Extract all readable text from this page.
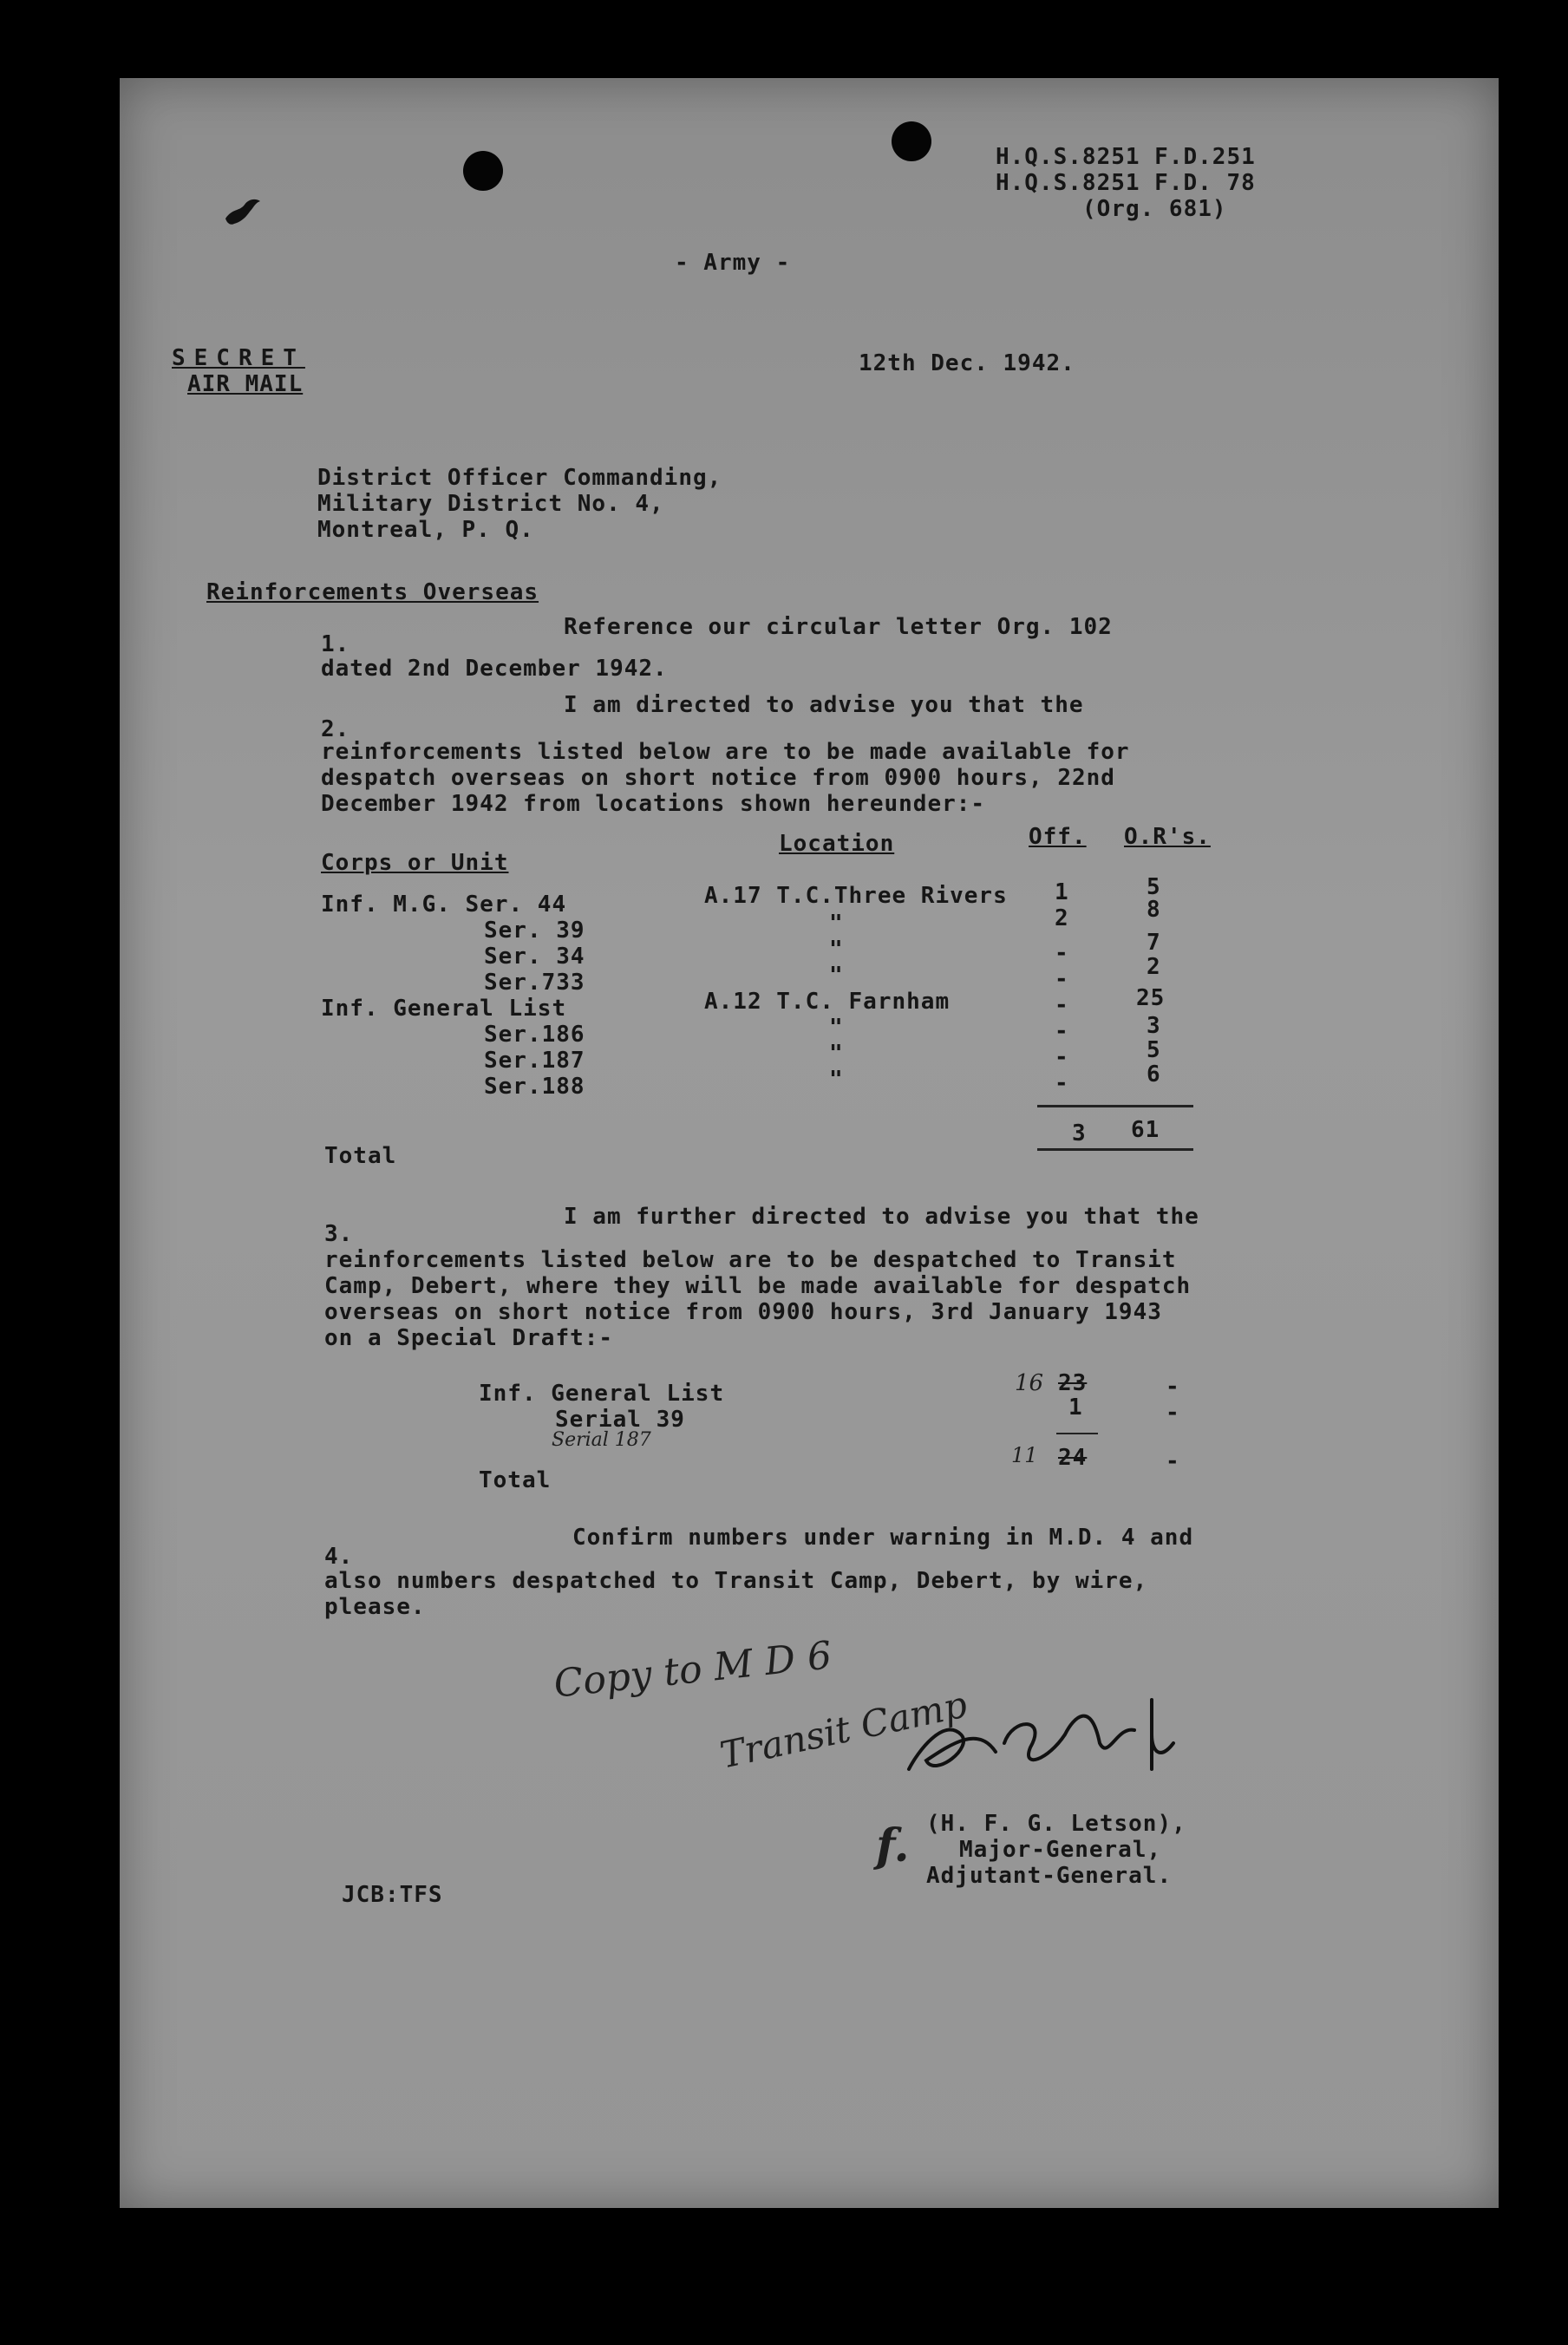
H.Q.S.8251 F.D.251
H.Q.S.8251 F.D. 78
(Org. 681)
- Army -
SECRET
AIR MAIL
12th Dec. 1942.
District Officer Commanding,
Military District No. 4,
Montreal, P. Q.
Reinforcements Overseas
1.
Reference our circular letter Org. 102
dated 2nd December 1942.
2.
I am directed to advise you that the
reinforcements listed below are to be made available for
despatch overseas on short notice from 0900 hours, 22nd
December 1942 from locations shown hereunder:-
Corps or Unit
Location	Off. O.R's.
Inf. M.G. Ser. 44
Ser. 39
Ser. 34
Ser.733
Inf. General List
Ser.186
Ser.187
Ser.188
A.17 T.C.Three Rivers
"
"
"
A.12 T.C. Farnham
"
"
"
1
2
-
-
-
-
-
-
5
8
7
2
25
3
5
6
Total
3 61
3.
I am further directed to advise you that the
reinforcements listed below are to be despatched to Transit
Camp, Debert, where they will be made available for despatch
overseas on short notice from 0900 hours, 3rd January 1943
on a Special Draft:-
Inf. General List
Serial 39
Serial 187
Total
16 23
1
11 24
-
-
-
4.
Confirm numbers under warning in M.D. 4 and
also numbers despatched to Transit Camp, Debert, by wire,
please.
Copy to M D 6
Transit Camp
f. (H. F. G. Letson),
Major-General,
Adjutant-General.
JCB:TFS
